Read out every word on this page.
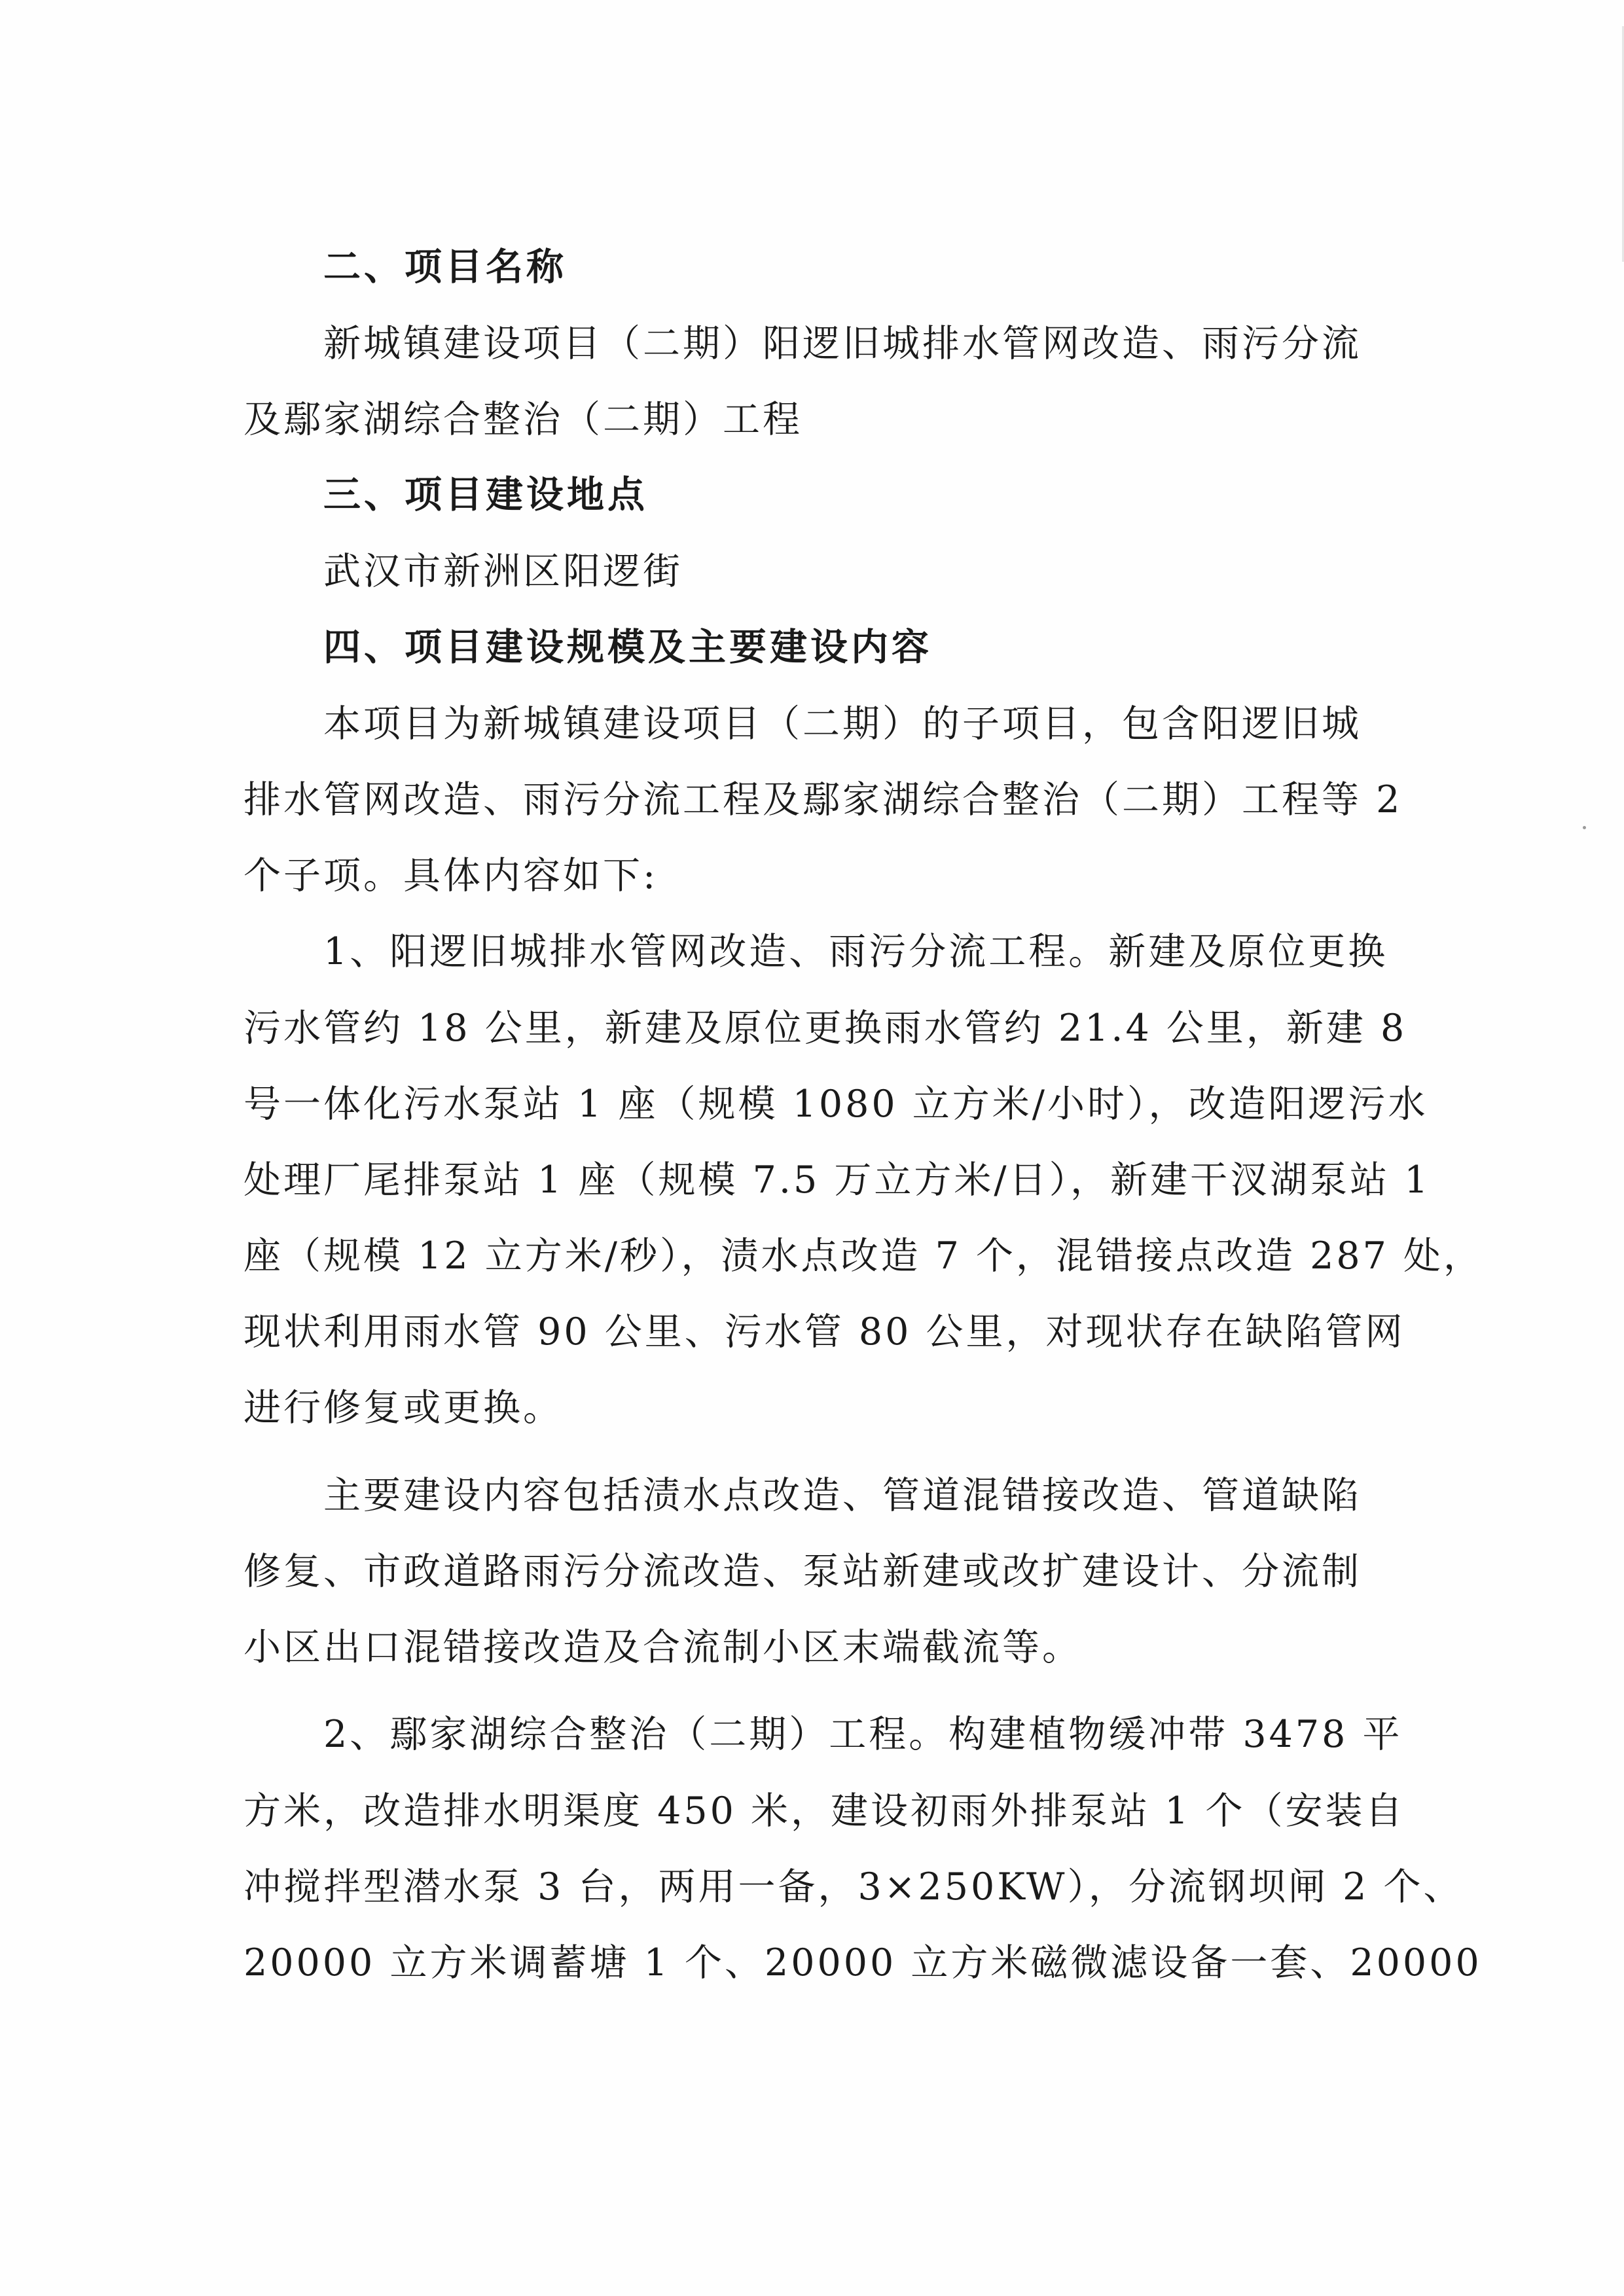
二、项目名称

新城镇建设项目（二期）阳逻旧城排水管网改造、雨污分流

及鄢家湖综合整治（二期）工程

三、项目建设地点

武汉市新洲区阳逻街

四、项目建设规模及主要建设内容

本项目为新城镇建设项目（二期）的子项目，包含阳逻旧城

排水管网改造、雨污分流工程及鄢家湖综合整治（二期）工程等 2

个子项。具体内容如下:

1、阳逻旧城排水管网改造、雨污分流工程。新建及原位更换

污水管约 18 公里，新建及原位更换雨水管约 21.4 公里，新建 8

号一体化污水泵站 1 座（规模 1080 立方米/小时），改造阳逻污水

处理厂尾排泵站 1 座（规模 7.5 万立方米/日），新建干汊湖泵站 1

座（规模 12 立方米/秒），渍水点改造 7 个，混错接点改造 287 处，

现状利用雨水管 90 公里、污水管 80 公里，对现状存在缺陷管网

进行修复或更换。

主要建设内容包括渍水点改造、管道混错接改造、管道缺陷

修复、市政道路雨污分流改造、泵站新建或改扩建设计、分流制

小区出口混错接改造及合流制小区末端截流等。

2、鄢家湖综合整治（二期）工程。构建植物缓冲带 3478 平

方米，改造排水明渠度 450 米，建设初雨外排泵站 1 个（安装自

冲搅拌型潜水泵 3 台，两用一备，3×250KW），分流钢坝闸 2 个、

20000 立方米调蓄塘 1 个、20000 立方米磁微滤设备一套、20000
